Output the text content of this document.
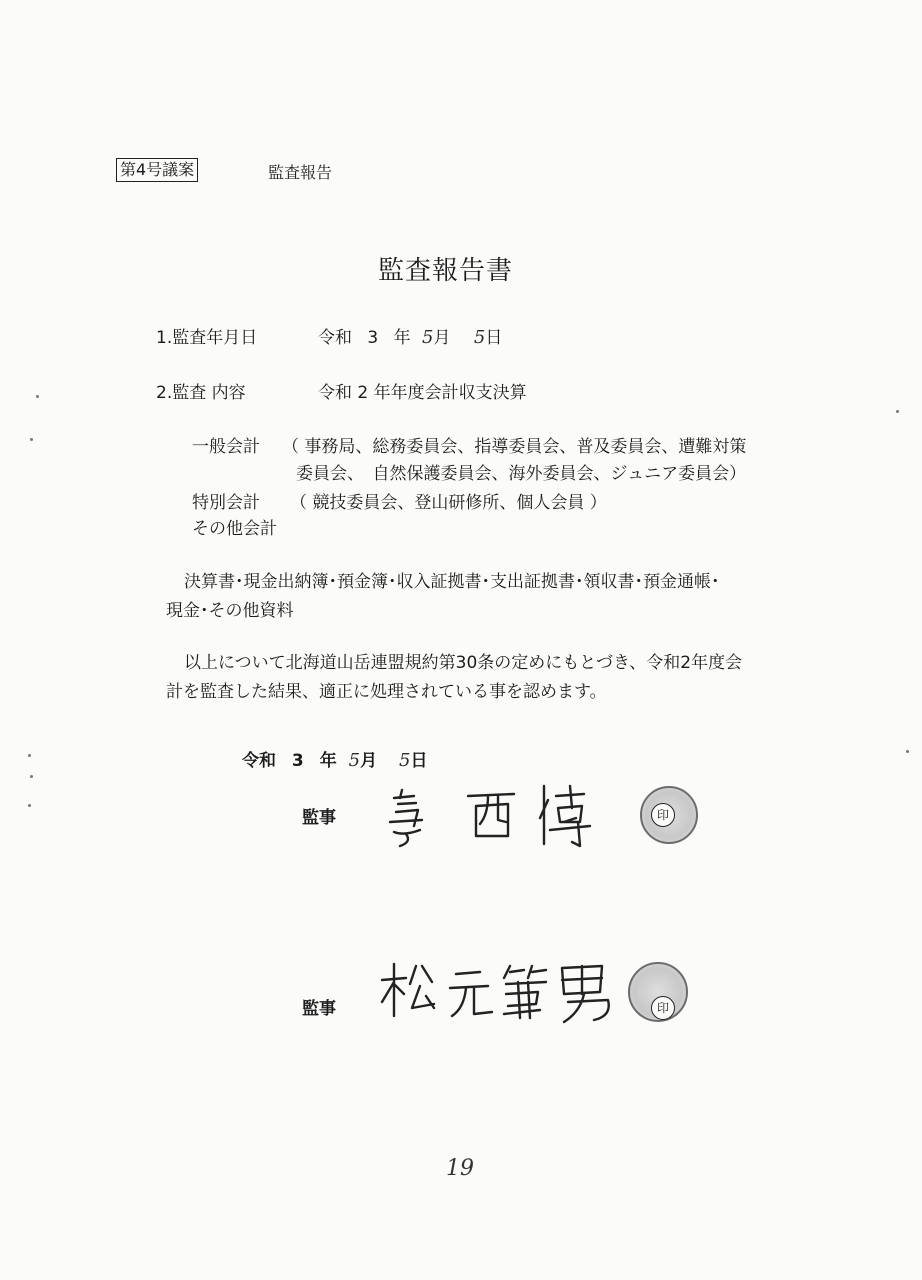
第4号議案	監査報告
監査報告書
1.監査年月日	令和 3 年 5月 5日
2.監査 内容	令和 2 年年度会計収支決算
一般会計 （ 事務局、総務委員会、指導委員会、普及委員会、遭難対策
委員会、　自然保護委員会、海外委員会、ジュニア委員会）
特別会計 （ 競技委員会、登山研修所、個人会員 ）
その他会計
決算書･現金出納簿･預金簿･収入証拠書･支出証拠書･領収書･預金通帳･
現金･その他資料
以上について北海道山岳連盟規約第30条の定めにもとづき、令和2年度会
計を監査した結果、適正に処理されている事を認めます。
令和 3 年 5月 5日
監事	印
監事	印
19
